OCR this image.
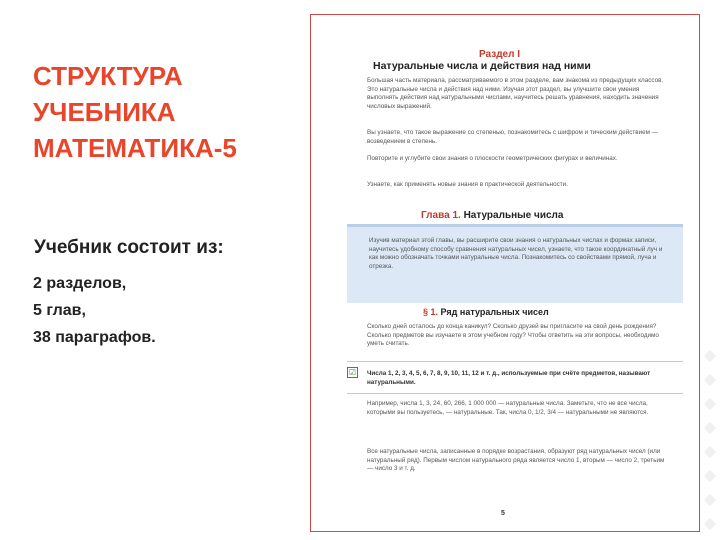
СТРУКТУРА
УЧЕБНИКА
МАТЕМАТИКА-5
Учебник состоит из:
2 разделов,
5 глав,
38 параграфов.
Раздел I
Натуральные числа и действия над ними
Большая часть материала, рассматриваемого в этом разделе, вам знакома из предыдущих классов. Это натуральные числа и действия над ними. Изучая этот раздел, вы улучшите свои умения выполнять действия над натуральными числами, научитесь решать уравнения, находить значения числовых выражений.
Вы узнаете, что такое выражение со степенью, познакомитесь с шифром и тическим действием — возведением в степень.
Повторите и углубите свои знания о плоскости геометрических фигурах и величинах.
Узнаете, как применять новые знания в практической деятельности.
Глава 1. Натуральные числа
Изучив материал этой главы, вы расширите свои знания о натуральных числах и формах записи, научитесь удобному способу сравнения натуральных чисел, узнаете, что такое координатный луч и как можно обозначать точками натуральные числа. Познакомитесь со свойствами прямой, луча и отрезка.
§ 1. Ряд натуральных чисел
Сколько дней осталось до конца каникул? Сколько друзей вы пригласите на свой день рождения? Сколько предметов вы изучаете в этом учебном году? Чтобы ответить на эти вопросы, необходимо уметь считать.
☑	Числа 1, 2, 3, 4, 5, 6, 7, 8, 9, 10, 11, 12 и т. д., используемые при счёте предметов, называют натуральными.
Например, числа 1, 3, 24, 60, 266, 1 000 000 — натуральные числа. Заметьте, что не все числа, которыми вы пользуетесь, — натуральные. Так, числа 0, 1/2, 3/4 — натуральными не являются.
Все натуральные числа, записанные в порядке возрастания, образуют ряд натуральных чисел (или натуральный ряд). Первым числом натурального ряда является число 1, вторым — число 2, третьим — число 3 и т. д.
5
